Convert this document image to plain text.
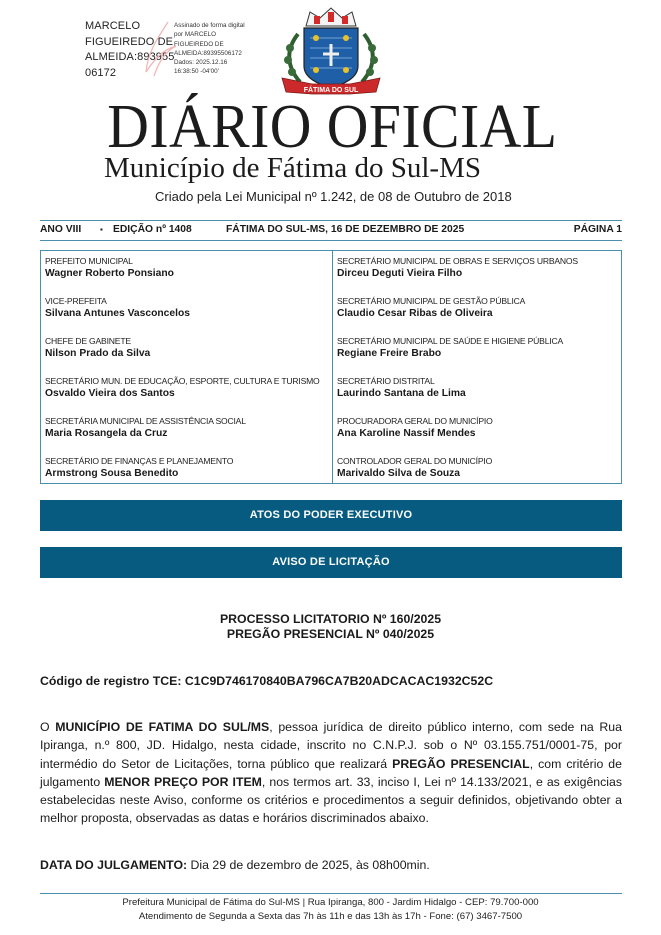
MARCELO
FIGUEIREDO DE
ALMEIDA:893955
06172
Assinado de forma digital
por MARCELO
FIGUEIREDO DE
ALMEIDA:89395506172
Dados: 2025.12.16
16:38:50 -04'00'
FÁTIMA DO SUL
DIÁRIO OFICIAL
Município de Fátima do Sul-MS
Criado pela Lei Municipal nº 1.242, de 08 de Outubro de 2018
ANO VIII ▪ EDIÇÃO nº 1408	FÁTIMA DO SUL-MS, 16 DE DEZEMBRO DE 2025	PÁGINA 1
PREFEITO MUNICIPAL
Wagner Roberto Ponsiano
VICE-PREFEITA
Silvana Antunes Vasconcelos
CHEFE DE GABINETE
Nilson Prado da Silva
SECRETÁRIO MUN. DE EDUCAÇÃO, ESPORTE, CULTURA E TURISMO
Osvaldo Vieira dos Santos
SECRETÁRIA MUNICIPAL DE ASSISTÊNCIA SOCIAL
Maria Rosangela da Cruz
SECRETÁRIO DE FINANÇAS E PLANEJAMENTO
Armstrong Sousa Benedito
SECRETÁRIO MUNICIPAL DE OBRAS E SERVIÇOS URBANOS
Dirceu Deguti Vieira Filho
SECRETÁRIO MUNICIPAL DE GESTÃO PÚBLICA
Claudio Cesar Ribas de Oliveira
SECRETÁRIO MUNICIPAL DE SAÚDE E HIGIENE PÚBLICA
Regiane Freire Brabo
SECRETÁRIO DISTRITAL
Laurindo Santana de Lima
PROCURADORA GERAL DO MUNICÍPIO
Ana Karoline Nassif Mendes
CONTROLADOR GERAL DO MUNICÍPIO
Marivaldo Silva de Souza
ATOS DO PODER EXECUTIVO
AVISO DE LICITAÇÃO
PROCESSO LICITATORIO Nº 160/2025
PREGÃO PRESENCIAL Nº 040/2025
Código de registro TCE: C1C9D746170840BA796CA7B20ADCACAC1932C52C
O MUNICÍPIO DE FATIMA DO SUL/MS, pessoa jurídica de direito público interno, com sede na Rua Ipiranga, n.º 800, JD. Hidalgo, nesta cidade, inscrito no C.N.P.J. sob o Nº 03.155.751/0001-75, por intermédio do Setor de Licitações, torna público que realizará PREGÃO PRESENCIAL, com critério de julgamento MENOR PREÇO POR ITEM, nos termos art. 33, inciso I, Lei nº 14.133/2021, e as exigências estabelecidas neste Aviso, conforme os critérios e procedimentos a seguir definidos, objetivando obter a melhor proposta, observadas as datas e horários discriminados abaixo.
DATA DO JULGAMENTO: Dia 29 de dezembro de 2025, às 08h00min.
Prefeitura Municipal de Fátima do Sul-MS | Rua Ipiranga, 800 - Jardim Hidalgo - CEP: 79.700-000
Atendimento de Segunda a Sexta das 7h às 11h e das 13h às 17h - Fone: (67) 3467-7500
